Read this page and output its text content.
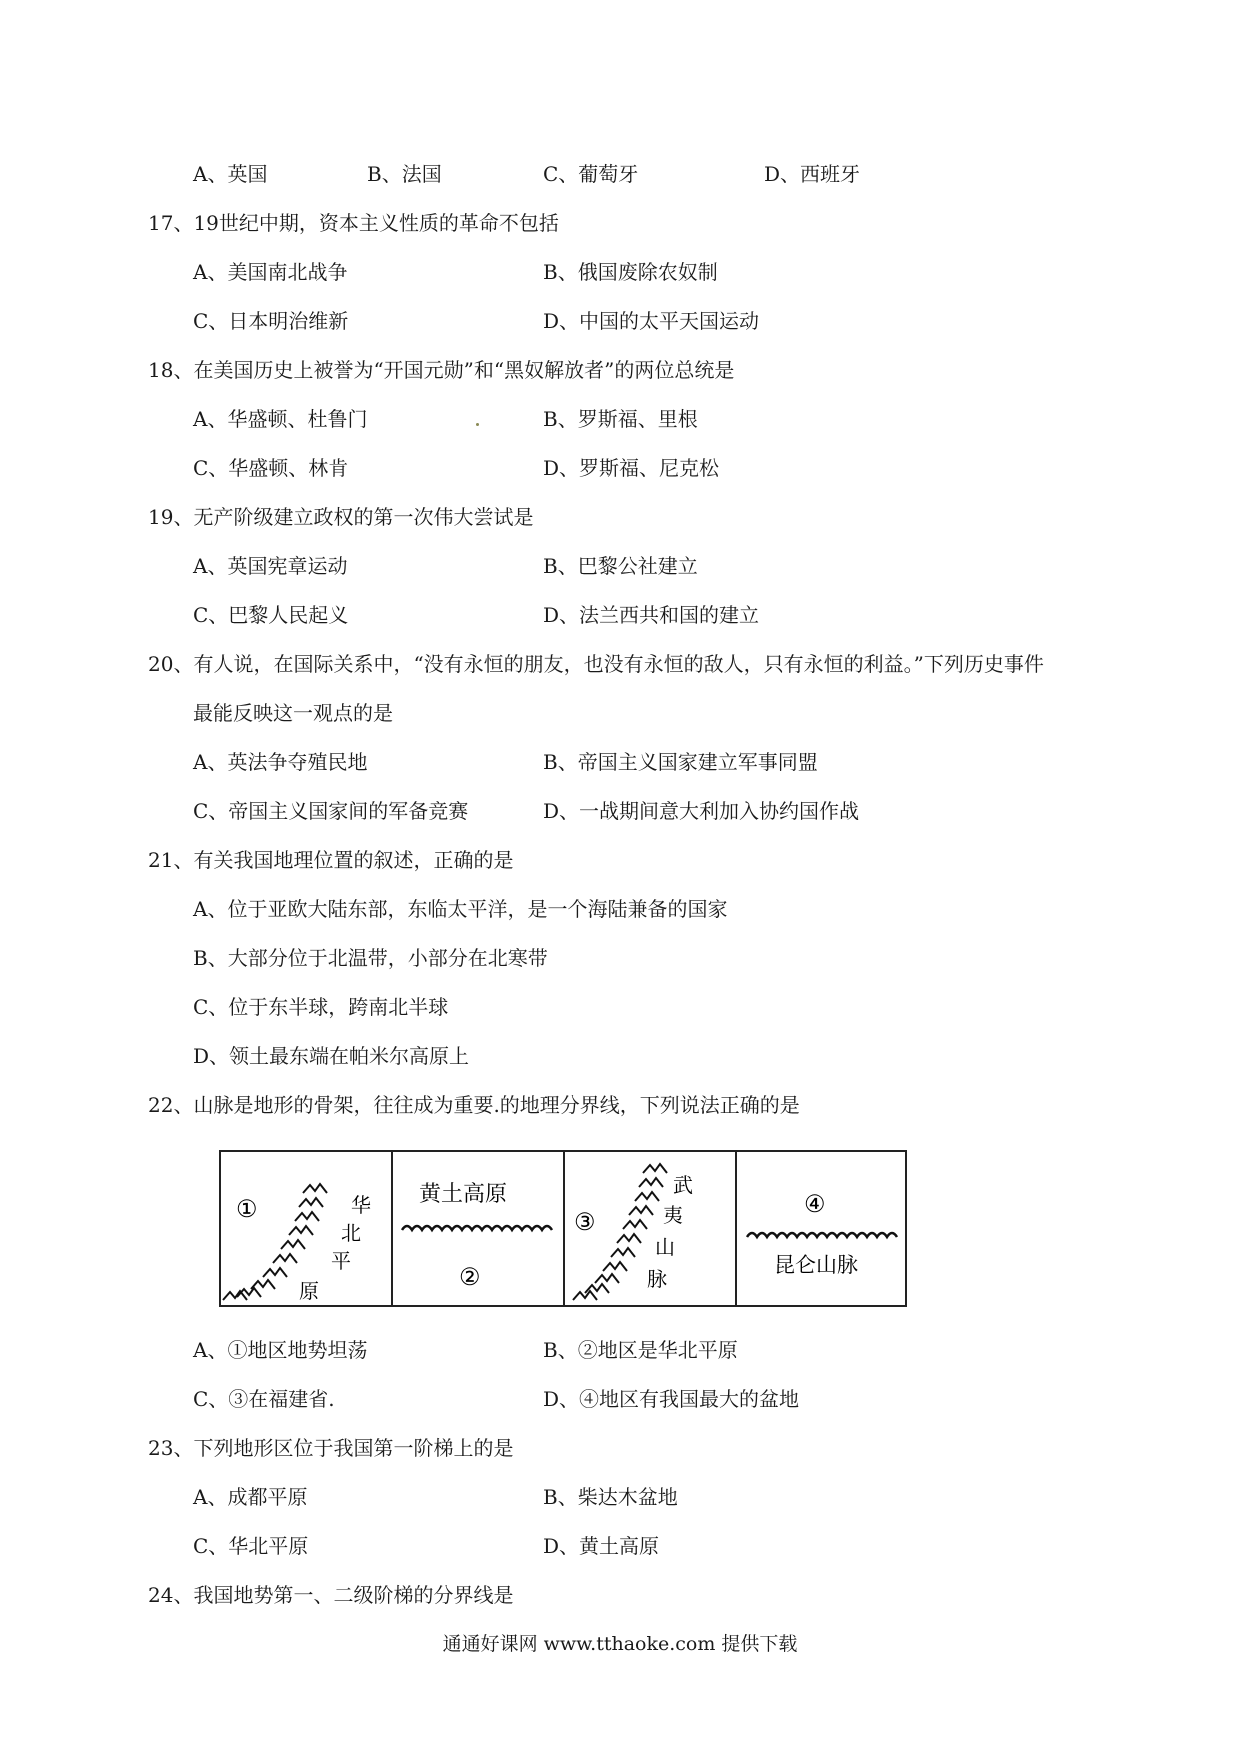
A、英国	B、法国	C、葡萄牙	D、西班牙
17、19世纪中期，资本主义性质的革命不包括
A、美国南北战争	B、俄国废除农奴制
C、日本明治维新	D、中国的太平天国运动
18、在美国历史上被誉为“开国元勋”和“黑奴解放者”的两位总统是
A、华盛顿、杜鲁门	B、罗斯福、里根
C、华盛顿、林肯	D、罗斯福、尼克松
19、无产阶级建立政权的第一次伟大尝试是
A、英国宪章运动	B、巴黎公社建立
C、巴黎人民起义	D、法兰西共和国的建立
20、有人说，在国际关系中，“没有永恒的朋友，也没有永恒的敌人，只有永恒的利益。”下列历史事件
最能反映这一观点的是
A、英法争夺殖民地	B、帝国主义国家建立军事同盟
C、帝国主义国家间的军备竞赛	D、一战期间意大利加入协约国作战
21、有关我国地理位置的叙述，正确的是
A、位于亚欧大陆东部，东临太平洋，是一个海陆兼备的国家
B、大部分位于北温带，小部分在北寒带
C、位于东半球，跨南北半球
D、领土最东端在帕米尔高原上
22、山脉是地形的骨架，往往成为重要.的地理分界线，下列说法正确的是
①	华
北
平
原
黄土高原
②
③
武
夷
山
脉
④
昆仑山脉
A、①地区地势坦荡	B、②地区是华北平原
C、③在福建省.	D、④地区有我国最大的盆地
23、下列地形区位于我国第一阶梯上的是
A、成都平原	B、柴达木盆地
C、华北平原	D、黄土高原
24、我国地势第一、二级阶梯的分界线是
通通好课网 www.tthaoke.com 提供下载
